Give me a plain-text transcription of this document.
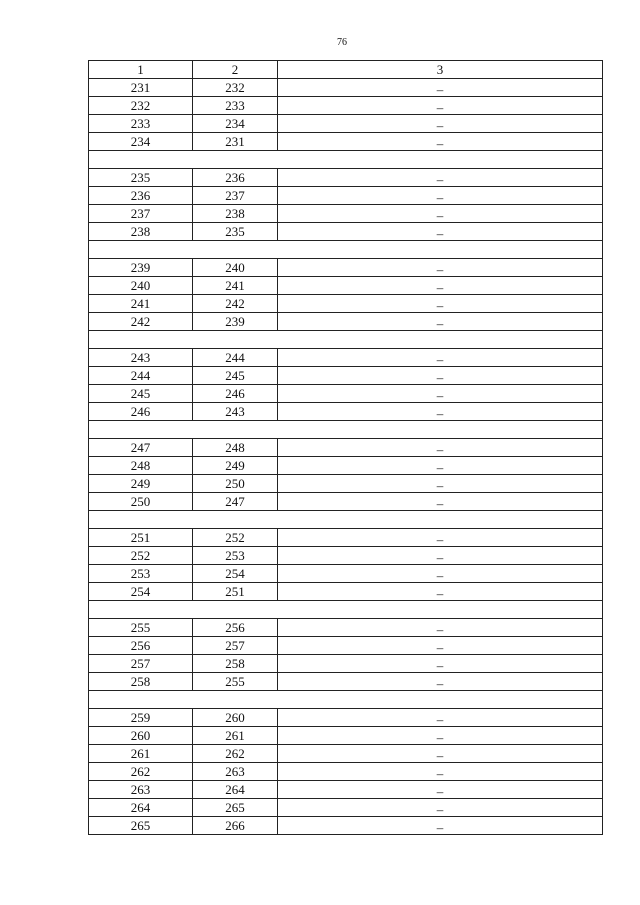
76
1	2	3
231	232	–
232	233	–
233	234	–
234	231	–

235	236	–
236	237	–
237	238	–
238	235	–

239	240	–
240	241	–
241	242	–
242	239	–

243	244	–
244	245	–
245	246	–
246	243	–

247	248	–
248	249	–
249	250	–
250	247	–

251	252	–
252	253	–
253	254	–
254	251	–

255	256	–
256	257	–
257	258	–
258	255	–

259	260	–
260	261	–
261	262	–
262	263	–
263	264	–
264	265	–
265	266	–
